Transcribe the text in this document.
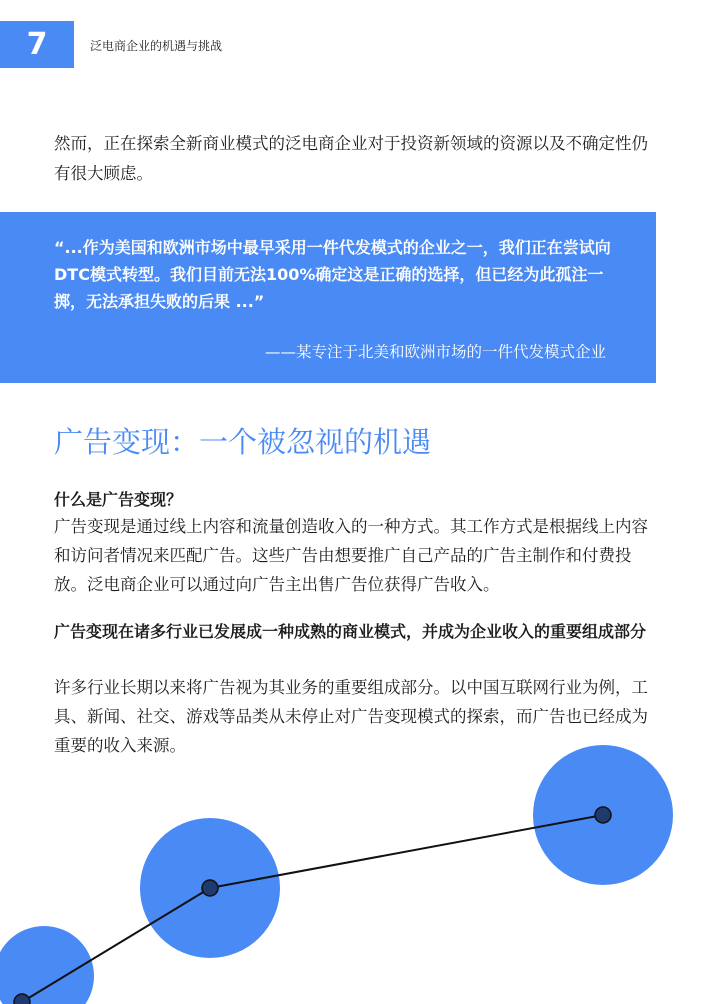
7	泛电商企业的机遇与挑战

然而，正在探索全新商业模式的泛电商企业对于投资新领域的资源以及不确定性仍有很大顾虑。

“...作为美国和欧洲市场中最早采用一件代发模式的企业之一，我们正在尝试向DTC模式转型。我们目前无法100%确定这是正确的选择，但已经为此孤注一掷，无法承担失败的后果 ...”

——某专注于北美和欧洲市场的一件代发模式企业

广告变现：一个被忽视的机遇

什么是广告变现？

广告变现是通过线上内容和流量创造收入的一种方式。其工作方式是根据线上内容和访问者情况来匹配广告。这些广告由想要推广自己产品的广告主制作和付费投放。泛电商企业可以通过向广告主出售广告位获得广告收入。

广告变现在诸多行业已发展成一种成熟的商业模式，并成为企业收入的重要组成部分

许多行业长期以来将广告视为其业务的重要组成部分。以中国互联网行业为例，工具、新闻、社交、游戏等品类从未停止对广告变现模式的探索，而广告也已经成为重要的收入来源。
